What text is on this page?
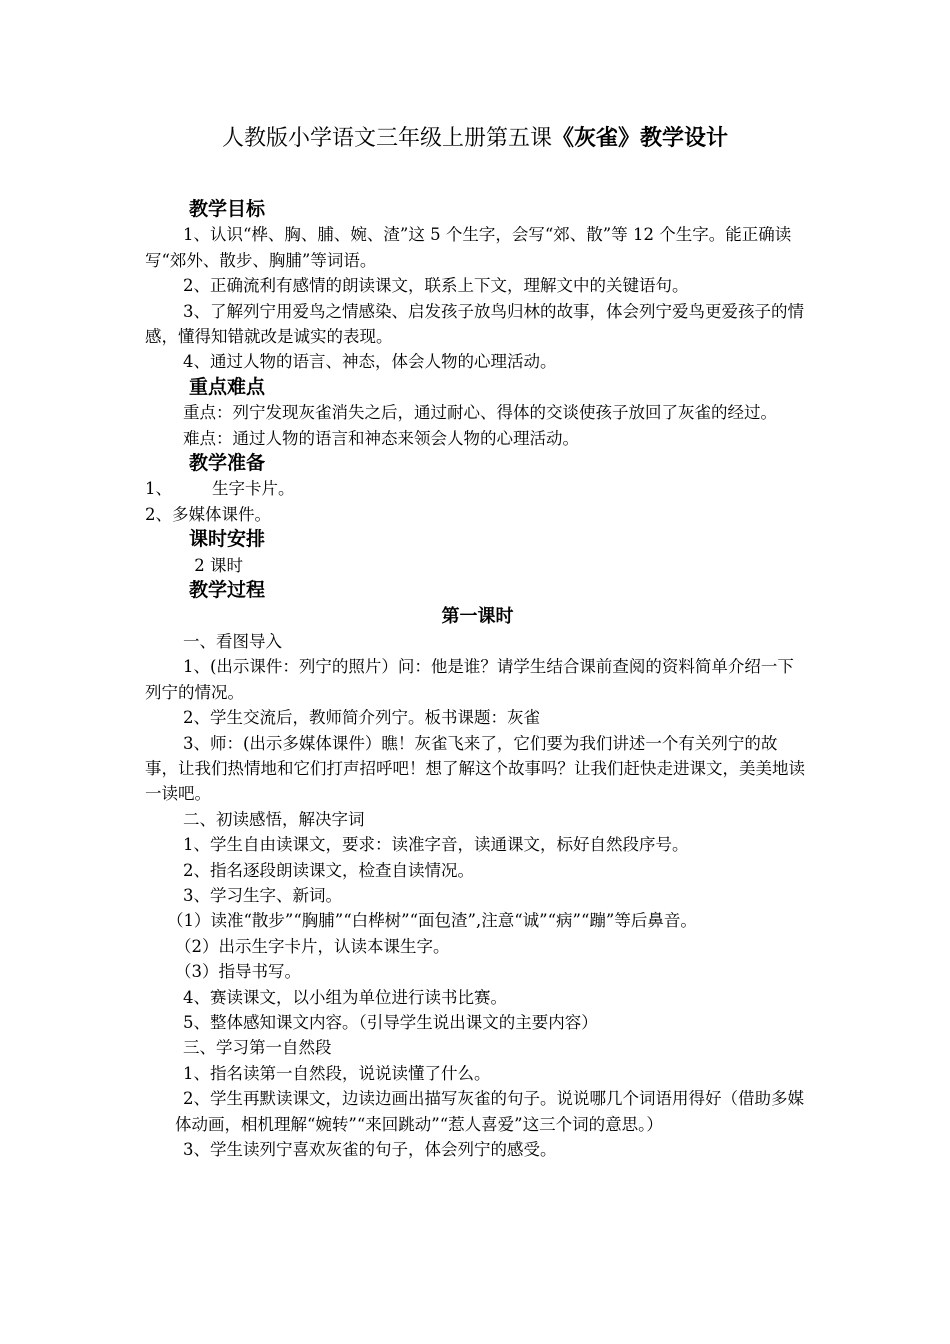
人教版小学语文三年级上册第五课《灰雀》教学设计

教学目标

1、认识“桦、胸、脯、婉、渣”这 5 个生字，会写“郊、散”等 12 个生字。能正确读写“郊外、散步、胸脯”等词语。

2、正确流利有感情的朗读课文，联系上下文，理解文中的关键语句。

3、了解列宁用爱鸟之情感染、启发孩子放鸟归林的故事，体会列宁爱鸟更爱孩子的情感，懂得知错就改是诚实的表现。

4、通过人物的语言、神态，体会人物的心理活动。

重点难点

重点：列宁发现灰雀消失之后，通过耐心、得体的交谈使孩子放回了灰雀的经过。

难点：通过人物的语言和神态来领会人物的心理活动。

教学准备

1、 生字卡片。

2、多媒体课件。

课时安排

2 课时

教学过程

第一课时

一、看图导入

1、(出示课件：列宁的照片）问：他是谁？请学生结合课前查阅的资料简单介绍一下列宁的情况。

2、学生交流后，教师简介列宁。板书课题：灰雀

3、师：(出示多媒体课件）瞧！灰雀飞来了，它们要为我们讲述一个有关列宁的故事，让我们热情地和它们打声招呼吧！想了解这个故事吗？让我们赶快走进课文，美美地读一读吧。

二、初读感悟，解决字词

1、学生自由读课文，要求：读准字音，读通课文，标好自然段序号。

2、指名逐段朗读课文，检查自读情况。

3、学习生字、新词。

（1）读准“散步”“胸脯”“白桦树”“面包渣”,注意“诚”“病”“蹦”等后鼻音。

（2）出示生字卡片，认读本课生字。

（3）指导书写。

4、赛读课文，以小组为单位进行读书比赛。

5、整体感知课文内容。（引导学生说出课文的主要内容）

三、学习第一自然段

1、指名读第一自然段，说说读懂了什么。

2、学生再默读课文，边读边画出描写灰雀的句子。说说哪几个词语用得好（借助多媒体动画，相机理解“婉转”“来回跳动”“惹人喜爱”这三个词的意思。）

3、学生读列宁喜欢灰雀的句子，体会列宁的感受。
